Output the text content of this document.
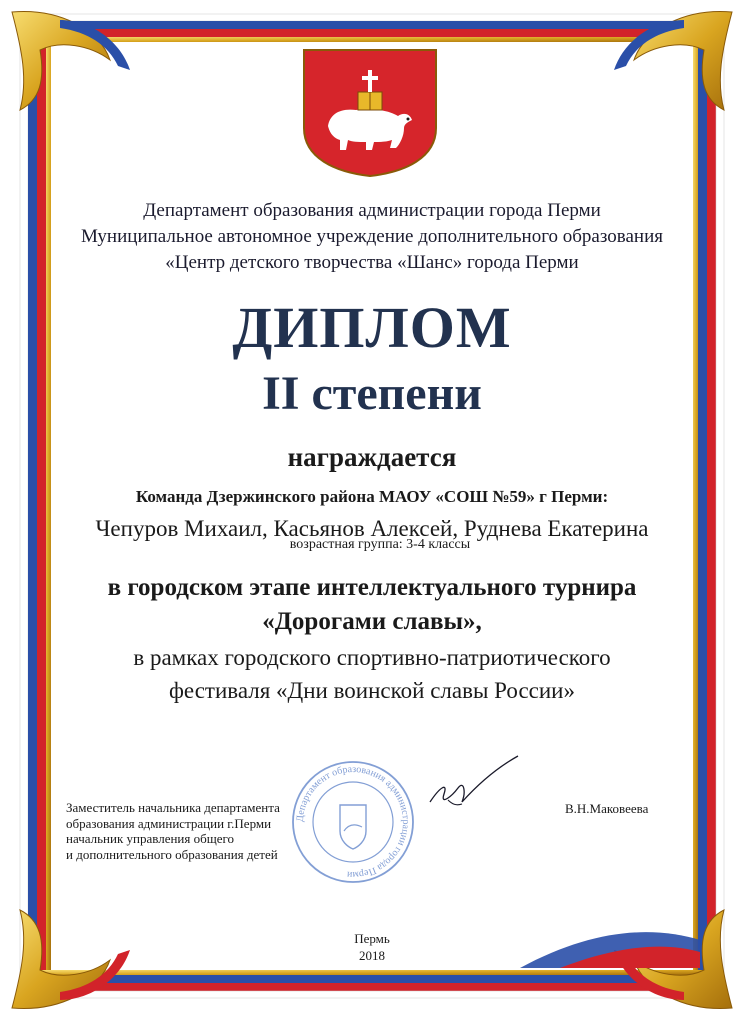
Департамент образования администрации города Перми
Муниципальное автономное учреждение дополнительного образования
«Центр детского творчества «Шанс» города Перми
ДИПЛОМ
II степени
награждается
Команда Дзержинского района МАОУ «СОШ №59» г Перми:
Чепуров Михаил, Касьянов Алексей, Руднева Екатерина
возрастная группа: 3-4 классы
в городском этапе интеллектуального турнира
«Дорогами славы»,
в рамках городского спортивно-патриотического
фестиваля «Дни воинской славы России»
Департамент образования администрации города Перми
Заместитель начальника департамента
образования администрации г.Перми
начальник управления общего
и дополнительного образования детей
В.Н.Маковеева
Пермь
2018
